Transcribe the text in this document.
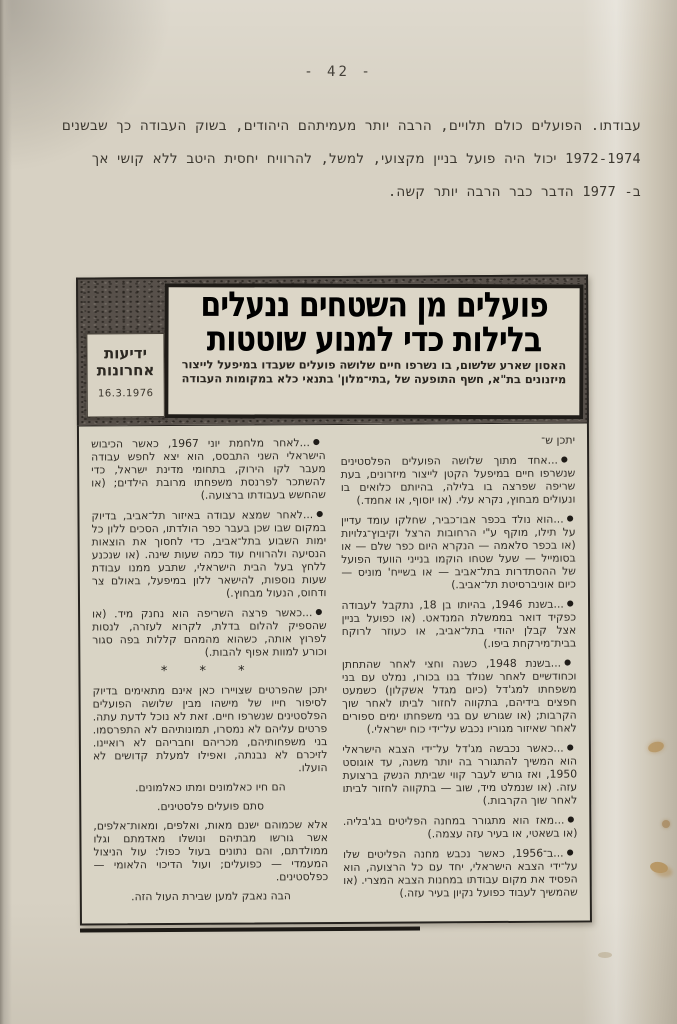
- 42 -
עבודתו. הפועלים כולם תלויים, הרבה יותר מעמיתהם היהודים, בשוק העבודה כך שבשנים
1972-1974 יכול היה פועל בניין מקצועי, למשל, להרוויח יחסית היטב ללא קושי אך
ב- 1977 הדבר כבר הרבה יותר קשה.
פועלים מן השטחים ננעלים
בלילות כדי למנוע שוטטות
האסון שארע שלשום, בו נשרפו חיים שלושה פועלים שעבדו במיפעל לייצור
מיזנונים בת"א, חשף התופעה של ,בתי־מלון' בתנאי כלא במקומות העבודה
ידיעות
אחרונות
16.3.1976

יתכן ש־

●...אחד מתוך שלושה הפועלים הפלסטינים שנשרפו חיים במיפעל הקטן לייצור מיזרונים, בעת שריפה שפרצה בו בלילה, בהיותם כלואים בו ונעולים מבחוץ, נקרא עלי. (או יוסוף, או אחמד.)

●...הוא נולד בכפר אבו־כביר, שחלקו עומד עדיין על תילו, מוקף ע"י הרחובות הרצל וקיבוץ־גלויות (או בכפר סלאמה — הנקרא היום כפר שלם — או בסומייל — שעל שטחו הוקמו בנייני הוועד הפועל של ההסתדרות בתל־אביב — או בשייח' מוניס — כיום אוניברסיטת תל־אביב.)

●...בשנת 1946, בהיותו בן 18, נתקבל לעבודה כפקיד דואר בממשלת המנדאט. (או כפועל בניין אצל קבלן יהודי בתל־אביב, או כעוזר לרוקח בבית־מירקחת ביפו.)

●...בשנת 1948, כשנה וחצי לאחר שהתחתן וכחודשיים לאחר שנולד בנו בכורו, נמלט עם בני משפחתו למג'דל (כיום מגדל אשקלון) כשמעט חפצים בידיהם, בתקווה לחזור לביתו לאחר שוך הקרבות; (או שגורש עם בני משפחתו ימים ספורים לאחר שאיזור מגוריו נכבש על־ידי כוח ישראלי.)

●...כאשר נכבשה מג'דל על־ידי הצבא הישראלי הוא המשיך להתגורר בה יותר משנה, עד אוגוסט 1950, ואז גורש לעבר קווי שביתת הנשק ברצועת עזה. (או שנמלט מיד, שוב — בתקווה לחזור לביתו לאחר שוך הקרבות.)

●...מאז הוא מתגורר במחנה הפליטים בג'בליה. (או בשאטי, או בעיר עזה עצמה.)

●...ב־1956, כאשר נכבש מחנה הפליטים שלו על־ידי הצבא הישראלי, יחד עם כל הרצועה, הוא הפסיד את מקום עבודתו במחנות הצבא המצרי. (או שהמשיך לעבוד כפועל נקיון בעיר עזה.)

●...לאחר מלחמת יוני 1967, כאשר הכיבוש הישראלי השני התבסס, הוא יצא לחפש עבודה מעבר לקו הירוק, בתחומי מדינת ישראל, כדי להשתכר לפרנסת משפחתו מרובת הילדים; (או שהחשש בעבודתו ברצועה.)

●...לאחר שמצא עבודה באיזור תל־אביב, בדיוק במקום שבו שכן בעבר כפר הולדתו, הסכים ללון כל ימות השבוע בתל־אביב, כדי לחסוך את הוצאות הנסיעה ולהרוויח עוד כמה שעות שינה. (או שנכנע ללחץ בעל הבית הישראלי, שתבע ממנו עבודת שעות נוספות, להישאר ללון במיפעל, באולם צר ודחוס, הנעול מבחוץ.)

●...כאשר פרצה השריפה הוא נחנק מיד. (או שהספיק להלום בדלת, לקרוא לעזרה, לנסות לפרוץ אותה, כשהוא מהמהם קללות בפה סגור וכורע למוות אפוף להבות.)

* * *

יתכן שהפרטים שצויירו כאן אינם מתאימים בדיוק לסיפור חייו של מישהו מבין שלושה הפועלים הפלסטינים שנשרפו חיים. זאת לא נוכל לדעת עתה. פרטים עליהם לא נמסרו, תמונותיהם לא התפרסמו. בני משפחותיהם, מכריהם וחבריהם לא רואיינו. לזיכרם לא נבנתה, ואפילו למעלת קדושים לא הועלו.

הם חיו כאלמונים ומתו כאלמונים.

סתם פועלים פלסטינים.

אלא שכמוהם ישנם מאות, ואלפים, ומאות־אלפים, אשר גורשו מבתיהם ונושלו מאדמתם וגלו ממולדתם, והם נתונים בעול כפול: עול הניצול המעמדי — כפועלים; ועול הדיכוי הלאומי — כפלסטינים.

הבה נאבק למען שבירת העול הזה.
